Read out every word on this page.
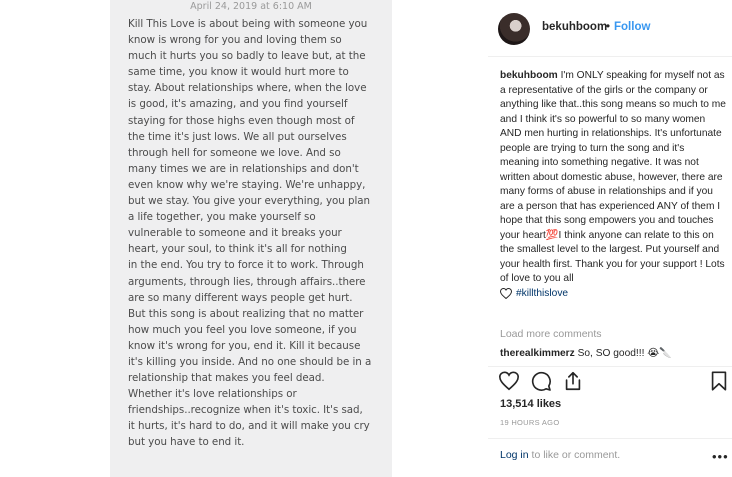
April 24, 2019 at 6:10 AM
Kill This Love is about being with someone you
know is wrong for you and loving them so
much it hurts you so badly to leave but, at the
same time, you know it would hurt more to
stay. About relationships where, when the love
is good, it's amazing, and you find yourself
staying for those highs even though most of
the time it's just lows. We all put ourselves
through hell for someone we love. And so
many times we are in relationships and don't
even know why we're staying. We're unhappy,
but we stay. You give your everything, you plan
a life together, you make yourself so
vulnerable to someone and it breaks your
heart, your soul, to think it's all for nothing
in the end. You try to force it to work. Through
arguments, through lies, through affairs..there
are so many different ways people get hurt.
But this song is about realizing that no matter
how much you feel you love someone, if you
know it's wrong for you, end it. Kill it because
it's killing you inside. And no one should be in a
relationship that makes you feel dead.
Whether it's love relationships or
friendships..recognize when it's toxic. It's sad,
it hurts, it's hard to do, and it will make you cry
but you have to end it.
bekuhboom
• Follow
bekuhboom I'm ONLY speaking for myself not as a representative of the girls or the company or anything like that..this song means so much to me and I think it's so powerful to so many women AND men hurting in relationships. It's unfortunate people are trying to turn the song and it's meaning into something negative. It was not written about domestic abuse, however, there are many forms of abuse in relationships and if you are a person that has experienced ANY of them I hope that this song empowers you and touches your heart💯I think anyone can relate to this on the smallest level to the largest. Put yourself and your health first. Thank you for your support ! Lots of love to you all
#killthislove
Load more comments
therealkimmerz So, SO good!!! 😭🔪
13,514 likes
19 HOURS AGO
Log in to like or comment.	•••
